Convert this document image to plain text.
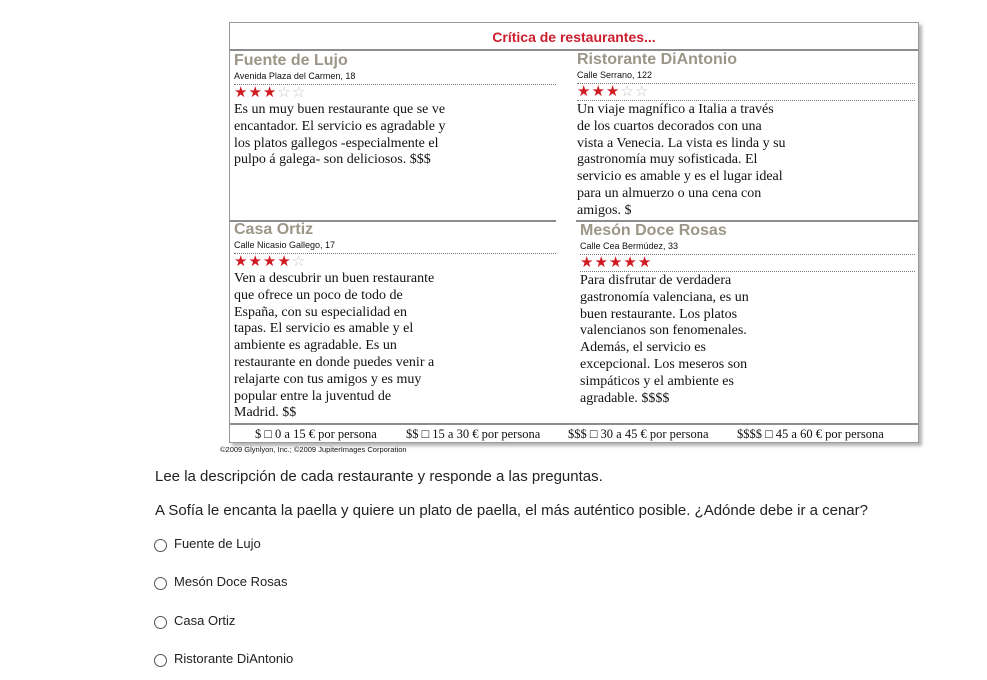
Crítica de restaurantes...
Fuente de Lujo
Avenida Plaza del Carmen, 18
★★★☆☆
Es un muy buen restaurante que se ve
encantador. El servicio es agradable y
los platos gallegos -especialmente el
pulpo á galega- son deliciosos. $$$
Ristorante DiAntonio
Calle Serrano, 122
★★★☆☆
Un viaje magnífico a Italia a través
de los cuartos decorados con una
vista a Venecia. La vista es linda y su
gastronomía muy sofisticada. El
servicio es amable y es el lugar ideal
para un almuerzo o una cena con
amigos. $
Casa Ortiz
Calle Nicasio Gallego, 17
★★★★☆
Ven a descubrir un buen restaurante
que ofrece un poco de todo de
España, con su especialidad en
tapas. El servicio es amable y el
ambiente es agradable. Es un
restaurante en donde puedes venir a
relajarte con tus amigos y es muy
popular entre la juventud de
Madrid. $$
Mesón Doce Rosas
Calle Cea Bermúdez, 33
★★★★★
Para disfrutar de verdadera
gastronomía valenciana, es un
buen restaurante. Los platos
valencianos son fenomenales.
Además, el servicio es
excepcional. Los meseros son
simpáticos y el ambiente es
agradable. $$$$
$ □ 0 a 15 € por persona $$ □ 15 a 30 € por persona $$$ □ 30 a 45 € por persona $$$$ □ 45 a 60 € por persona
©2009 Glynlyon, Inc.; ©2009 JupiterImages Corporation
Lee la descripción de cada restaurante y responde a las preguntas.
A Sofía le encanta la paella y quiere un plato de paella, el más auténtico posible. ¿Adónde debe ir a cenar?
Fuente de Lujo
Mesón Doce Rosas
Casa Ortiz
Ristorante DiAntonio
